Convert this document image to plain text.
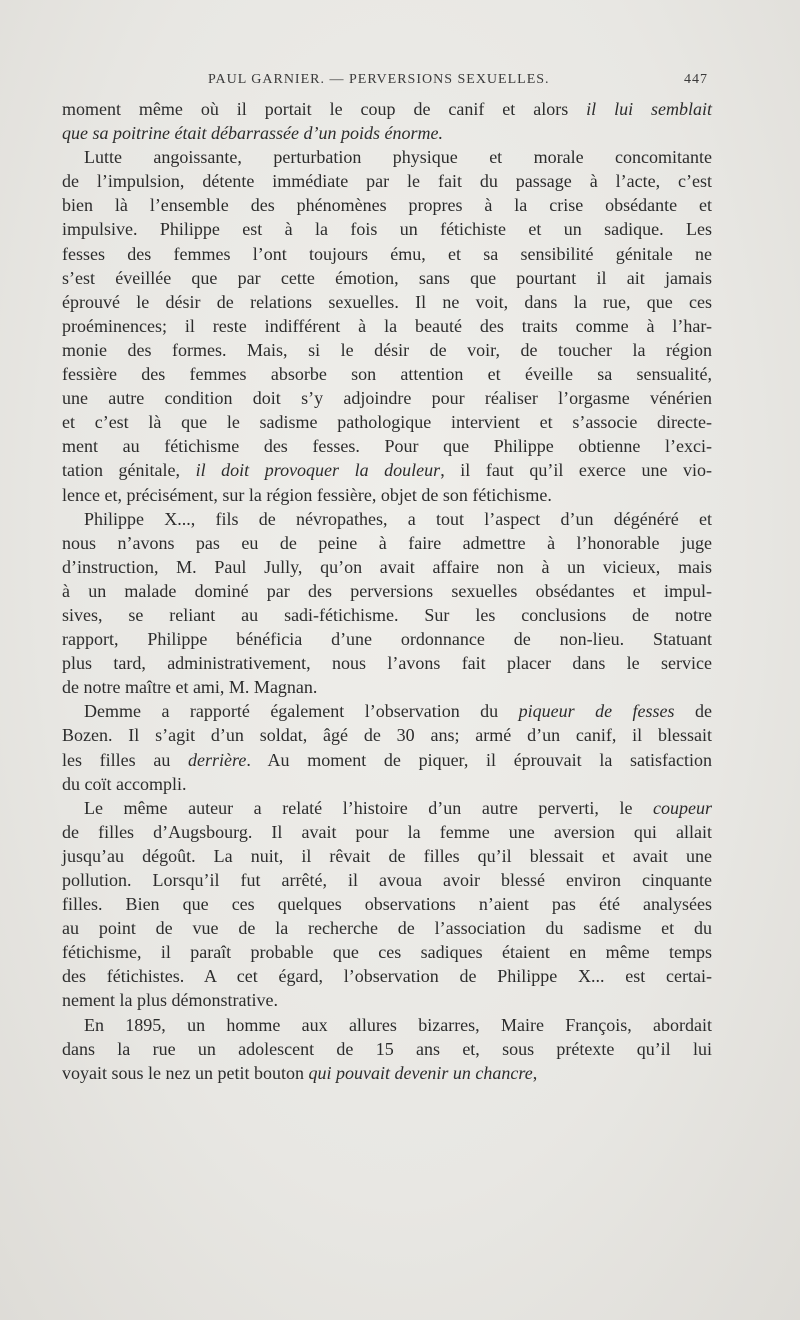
PAUL GARNIER. — PERVERSIONS SEXUELLES.	447
moment même où il portait le coup de canif et alors il lui semblait
que sa poitrine était débarrassée d’un poids énorme.
Lutte angoissante, perturbation physique et morale concomitante
de l’impulsion, détente immédiate par le fait du passage à l’acte, c’est
bien là l’ensemble des phénomènes propres à la crise obsédante et
impulsive. Philippe est à la fois un fétichiste et un sadique. Les
fesses des femmes l’ont toujours ému, et sa sensibilité génitale ne
s’est éveillée que par cette émotion, sans que pourtant il ait jamais
éprouvé le désir de relations sexuelles. Il ne voit, dans la rue, que ces
proéminences; il reste indifférent à la beauté des traits comme à l’har-
monie des formes. Mais, si le désir de voir, de toucher la région
fessière des femmes absorbe son attention et éveille sa sensualité,
une autre condition doit s’y adjoindre pour réaliser l’orgasme vénérien
et c’est là que le sadisme pathologique intervient et s’associe directe-
ment au fétichisme des fesses. Pour que Philippe obtienne l’exci-
tation génitale, il doit provoquer la douleur, il faut qu’il exerce une vio-
lence et, précisément, sur la région fessière, objet de son fétichisme.
Philippe X..., fils de névropathes, a tout l’aspect d’un dégénéré et
nous n’avons pas eu de peine à faire admettre à l’honorable juge
d’instruction, M. Paul Jully, qu’on avait affaire non à un vicieux, mais
à un malade dominé par des perversions sexuelles obsédantes et impul-
sives, se reliant au sadi-fétichisme. Sur les conclusions de notre
rapport, Philippe bénéficia d’une ordonnance de non-lieu. Statuant
plus tard, administrativement, nous l’avons fait placer dans le service
de notre maître et ami, M. Magnan.
Demme a rapporté également l’observation du piqueur de fesses de
Bozen. Il s’agit d’un soldat, âgé de 30 ans; armé d’un canif, il blessait
les filles au derrière. Au moment de piquer, il éprouvait la satisfaction
du coït accompli.
Le même auteur a relaté l’histoire d’un autre perverti, le coupeur
de filles d’Augsbourg. Il avait pour la femme une aversion qui allait
jusqu’au dégoût. La nuit, il rêvait de filles qu’il blessait et avait une
pollution. Lorsqu’il fut arrêté, il avoua avoir blessé environ cinquante
filles. Bien que ces quelques observations n’aient pas été analysées
au point de vue de la recherche de l’association du sadisme et du
fétichisme, il paraît probable que ces sadiques étaient en même temps
des fétichistes. A cet égard, l’observation de Philippe X... est certai-
nement la plus démonstrative.
En 1895, un homme aux allures bizarres, Maire François, abordait
dans la rue un adolescent de 15 ans et, sous prétexte qu’il lui
voyait sous le nez un petit bouton qui pouvait devenir un chancre,
